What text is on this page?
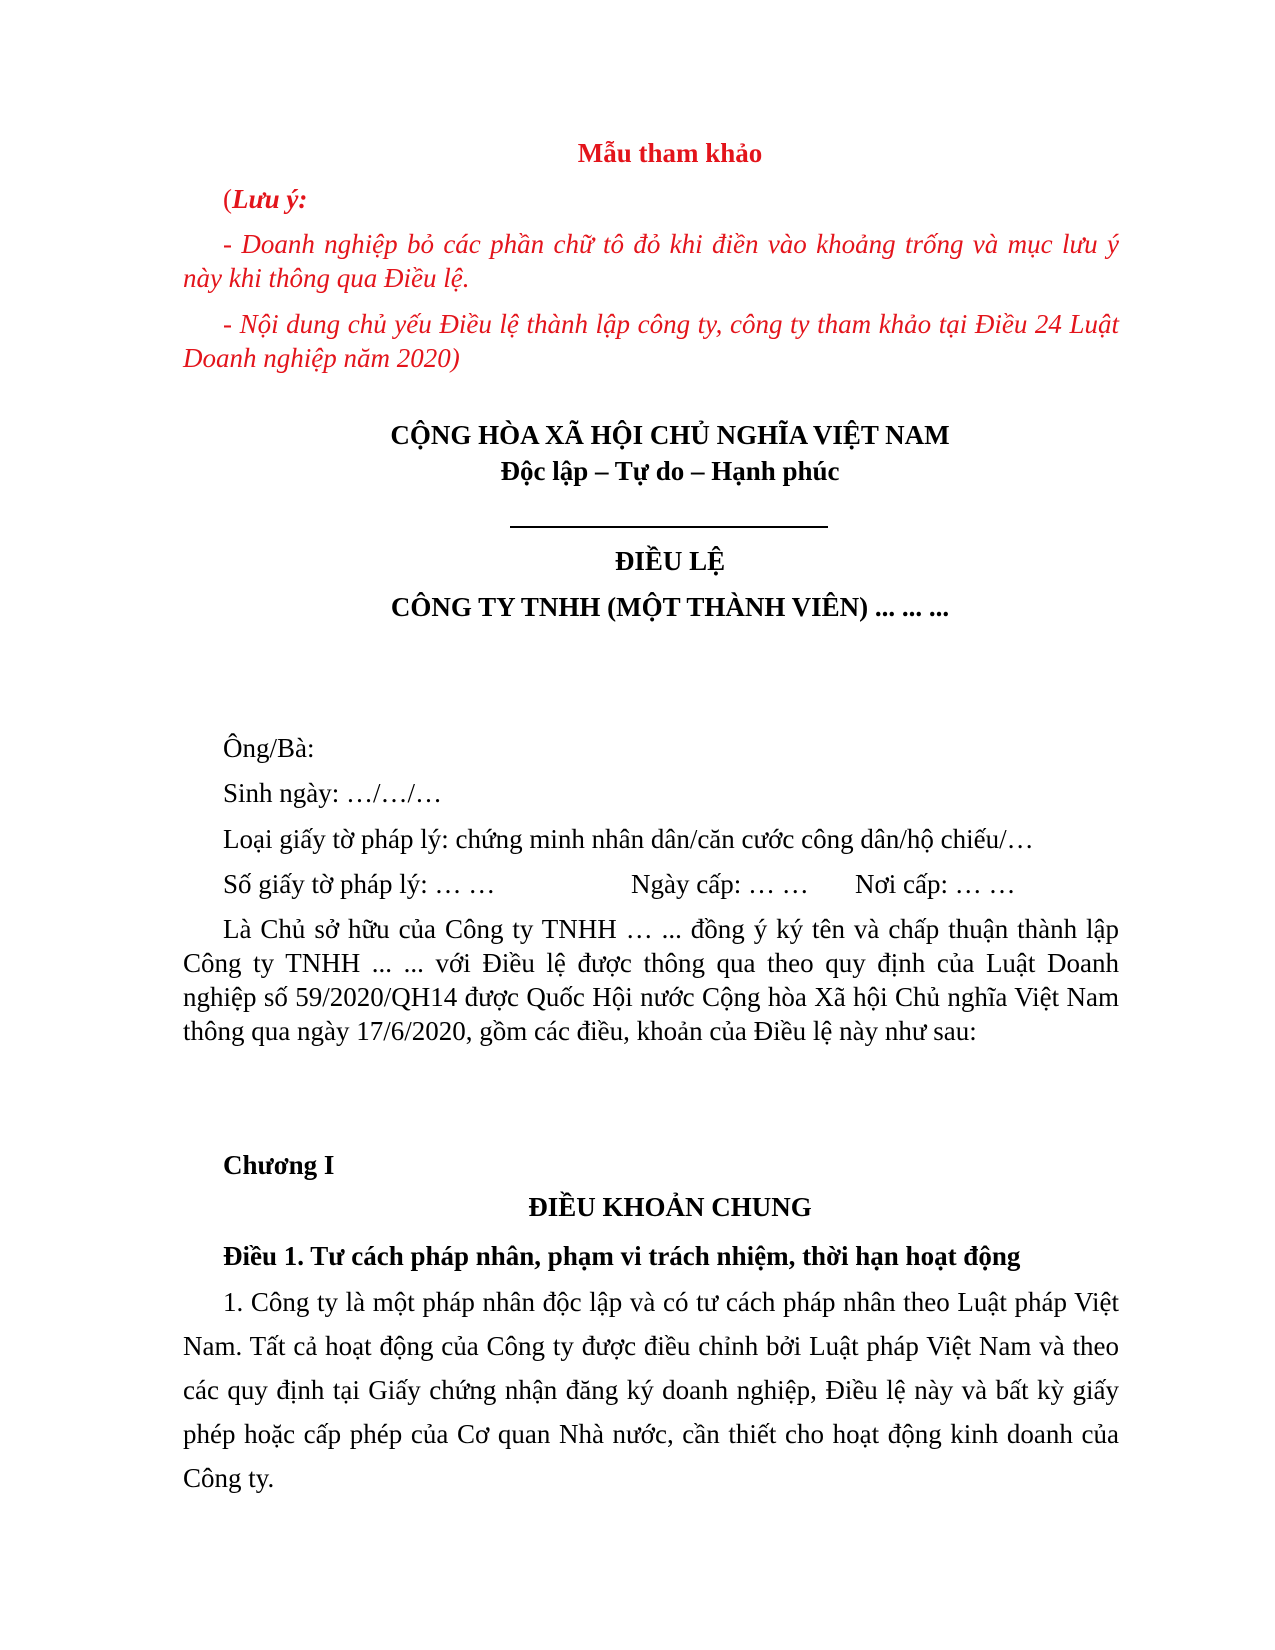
Mẫu tham khảo
(Lưu ý:
- Doanh nghiệp bỏ các phần chữ tô đỏ khi điền vào khoảng trống và mục lưu ý này khi thông qua Điều lệ.
- Nội dung chủ yếu Điều lệ thành lập công ty, công ty tham khảo tại Điều 24 Luật Doanh nghiệp năm 2020)
CỘNG HÒA XÃ HỘI CHỦ NGHĨA VIỆT NAM
Độc lập – Tự do – Hạnh phúc
ĐIỀU LỆ
CÔNG TY TNHH (MỘT THÀNH VIÊN) ... ... ...
Ông/Bà:
Sinh ngày: …/…/…
Loại giấy tờ pháp lý: chứng minh nhân dân/căn cước công dân/hộ chiếu/…
Số giấy tờ pháp lý: … …	Ngày cấp: … … Nơi cấp: … …
Là Chủ sở hữu của Công ty TNHH … ... đồng ý ký tên và chấp thuận thành lập Công ty TNHH ... ... với Điều lệ được thông qua theo quy định của Luật Doanh nghiệp số 59/2020/QH14 được Quốc Hội nước Cộng hòa Xã hội Chủ nghĩa Việt Nam thông qua ngày 17/6/2020, gồm các điều, khoản của Điều lệ này như sau:
Chương I
ĐIỀU KHOẢN CHUNG
Điều 1. Tư cách pháp nhân, phạm vi trách nhiệm, thời hạn hoạt động
1. Công ty là một pháp nhân độc lập và có tư cách pháp nhân theo Luật pháp Việt Nam. Tất cả hoạt động của Công ty được điều chỉnh bởi Luật pháp Việt Nam và theo các quy định tại Giấy chứng nhận đăng ký doanh nghiệp, Điều lệ này và bất kỳ giấy phép hoặc cấp phép của Cơ quan Nhà nước, cần thiết cho hoạt động kinh doanh của Công ty.
